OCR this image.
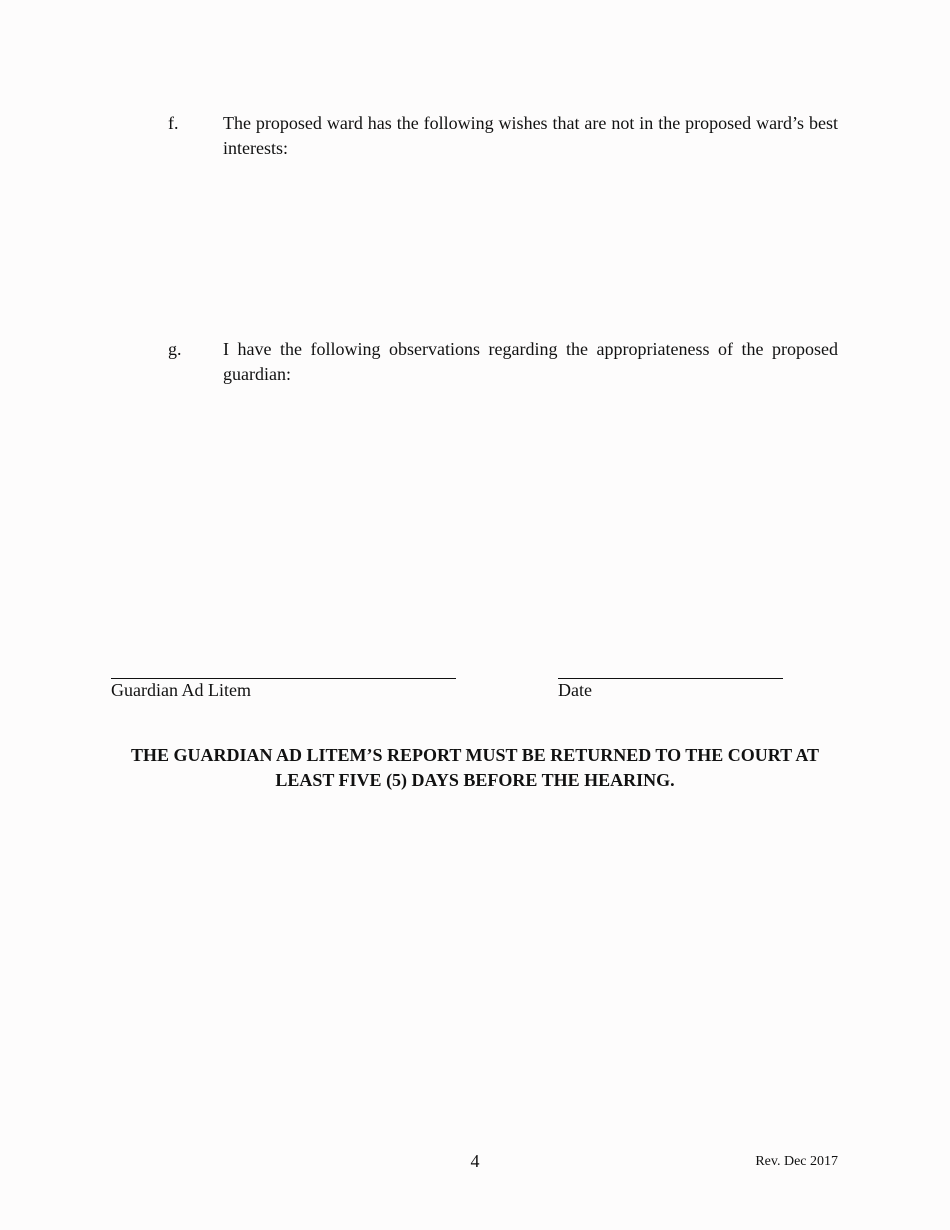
f. The proposed ward has the following wishes that are not in the proposed ward’s best interests:
g. I have the following observations regarding the appropriateness of the proposed guardian:
Guardian Ad Litem	Date
THE GUARDIAN AD LITEM’S REPORT MUST BE RETURNED TO THE COURT AT
LEAST FIVE (5) DAYS BEFORE THE HEARING.
4	Rev. Dec 2017
